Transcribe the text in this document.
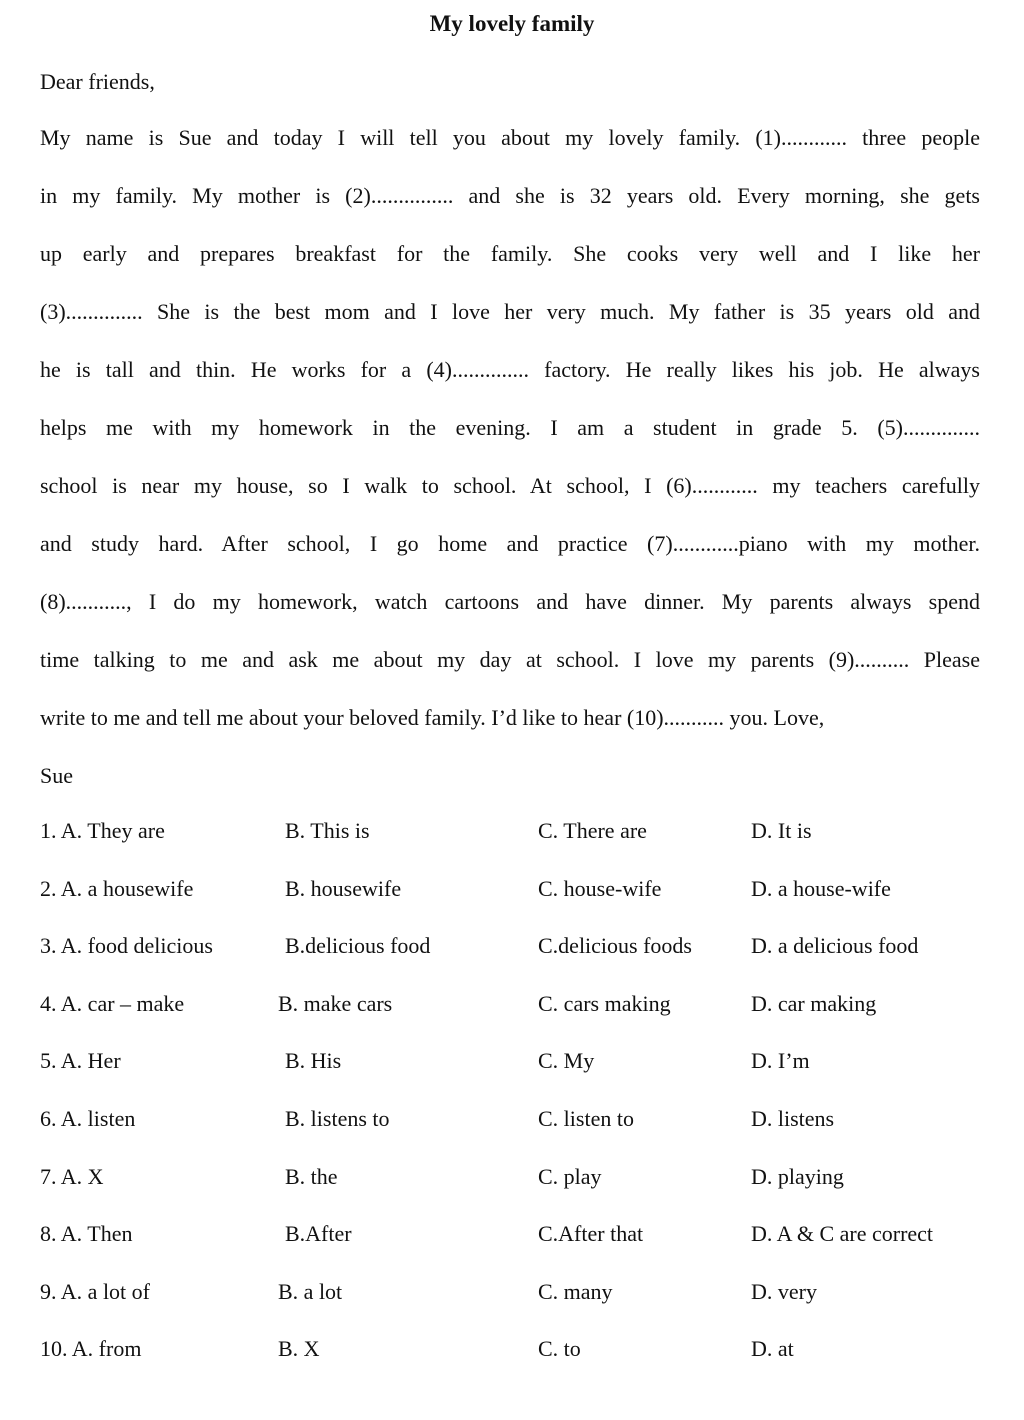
My lovely family
Dear friends,
My name is Sue and today I will tell you about my lovely family. (1)............ three people
in my family. My mother is (2)............... and she is 32 years old. Every morning, she gets
up early and prepares breakfast for the family. She cooks very well and I like her
(3).............. She is the best mom and I love her very much. My father is 35 years old and
he is tall and thin. He works for a (4).............. factory. He really likes his job. He always
helps me with my homework in the evening. I am a student in grade 5. (5)..............
school is near my house, so I walk to school. At school, I (6)............ my teachers carefully
and study hard. After school, I go home and practice (7)............piano with my mother.
(8)..........., I do my homework, watch cartoons and have dinner. My parents always spend
time talking to me and ask me about my day at school. I love my parents (9).......... Please
write to me and tell me about your beloved family. I’d like to hear (10)........... you. Love,
Sue
1. A. They are	B. This is	C. There are	D. It is
2. A. a housewife	B. housewife	C. house-wife	D. a house-wife
3. A. food delicious	B.delicious food	C.delicious foods	D. a delicious food
4. A. car – make	B. make cars	C. cars making	D. car making
5. A. Her	B. His	C. My	D. I’m
6. A. listen	B. listens to	C. listen to	D. listens
7. A. X	B. the	C. play	D. playing
8. A. Then	B.After	C.After that	D. A & C are correct
9. A. a lot of	B. a lot	C. many	D. very
10. A. from	B. X	C. to	D. at
